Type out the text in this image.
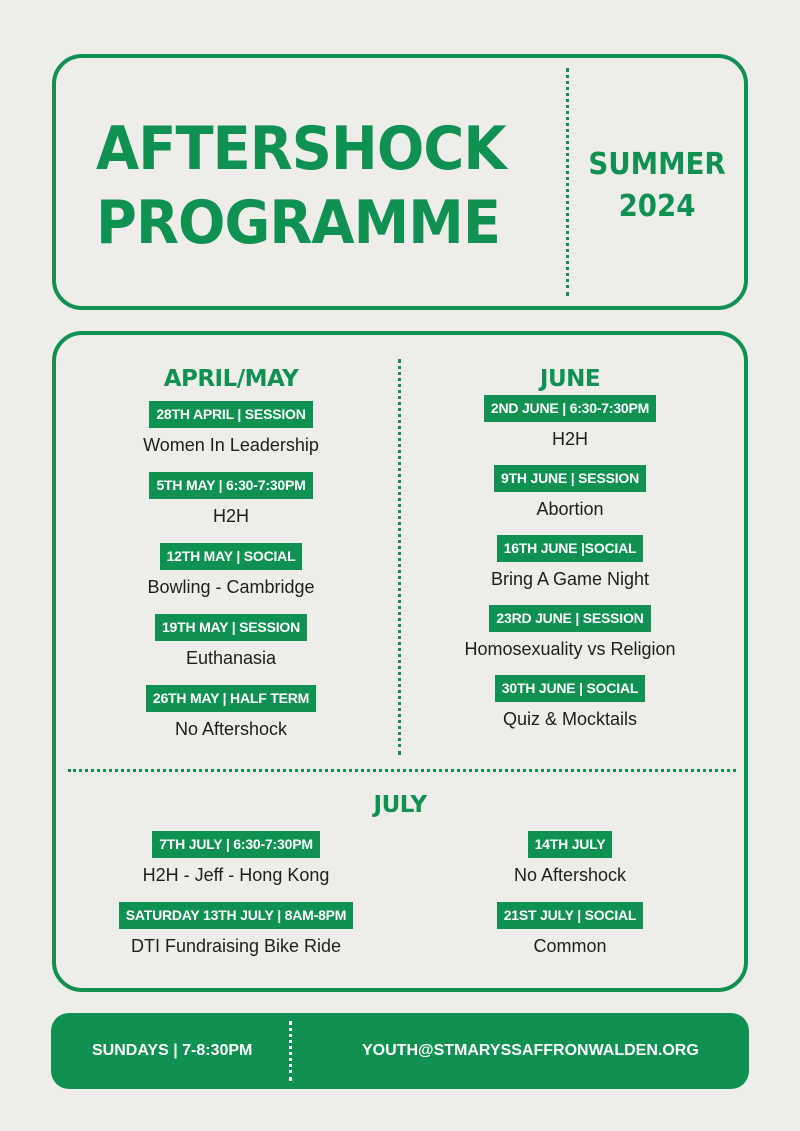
AFTERSHOCK
PROGRAMME
SUMMER
2024
APRIL/MAY
28TH APRIL | SESSION
Women In Leadership
5TH MAY | 6:30-7:30PM
H2H
12TH MAY | SOCIAL
Bowling - Cambridge
19TH MAY | SESSION
Euthanasia
26TH MAY | HALF TERM
No Aftershock
JUNE
2ND JUNE | 6:30-7:30PM
H2H
9TH JUNE | SESSION
Abortion
16TH JUNE |SOCIAL
Bring A Game Night
23RD JUNE | SESSION
Homosexuality vs Religion
30TH JUNE | SOCIAL
Quiz & Mocktails
JULY
7TH JULY | 6:30-7:30PM
H2H - Jeff - Hong Kong
SATURDAY 13TH JULY | 8AM-8PM
DTI Fundraising Bike Ride
14TH JULY
No Aftershock
21ST JULY | SOCIAL
Common
SUNDAYS | 7-8:30PM	YOUTH@STMARYSSAFFRONWALDEN.ORG
